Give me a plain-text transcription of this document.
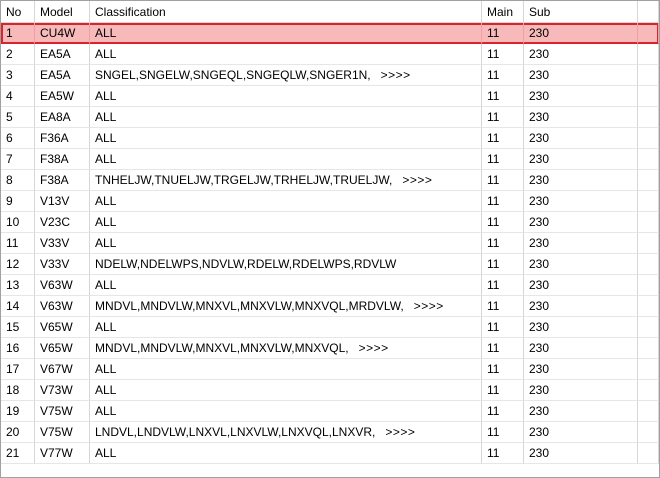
No	Model	Classification	Main	Sub
1	CU4W	ALL	11	230
2	EA5A	ALL	11	230
3	EA5A	SNGEL,SNGELW,SNGEQL,SNGEQLW,SNGER1N, >>>>	11	230
4	EA5W	ALL	11	230
5	EA8A	ALL	11	230
6	F36A	ALL	11	230
7	F38A	ALL	11	230
8	F38A	TNHELJW,TNUELJW,TRGELJW,TRHELJW,TRUELJW, >>>>	11	230
9	V13V	ALL	11	230
10	V23C	ALL	11	230
11	V33V	ALL	11	230
12	V33V	NDELW,NDELWPS,NDVLW,RDELW,RDELWPS,RDVLW	11	230
13	V63W	ALL	11	230
14	V63W	MNDVL,MNDVLW,MNXVL,MNXVLW,MNXVQL,MRDVLW, >>>>	11	230
15	V65W	ALL	11	230
16	V65W	MNDVL,MNDVLW,MNXVL,MNXVLW,MNXVQL, >>>>	11	230
17	V67W	ALL	11	230
18	V73W	ALL	11	230
19	V75W	ALL	11	230
20	V75W	LNDVL,LNDVLW,LNXVL,LNXVLW,LNXVQL,LNXVR, >>>>	11	230
21	V77W	ALL	11	230
